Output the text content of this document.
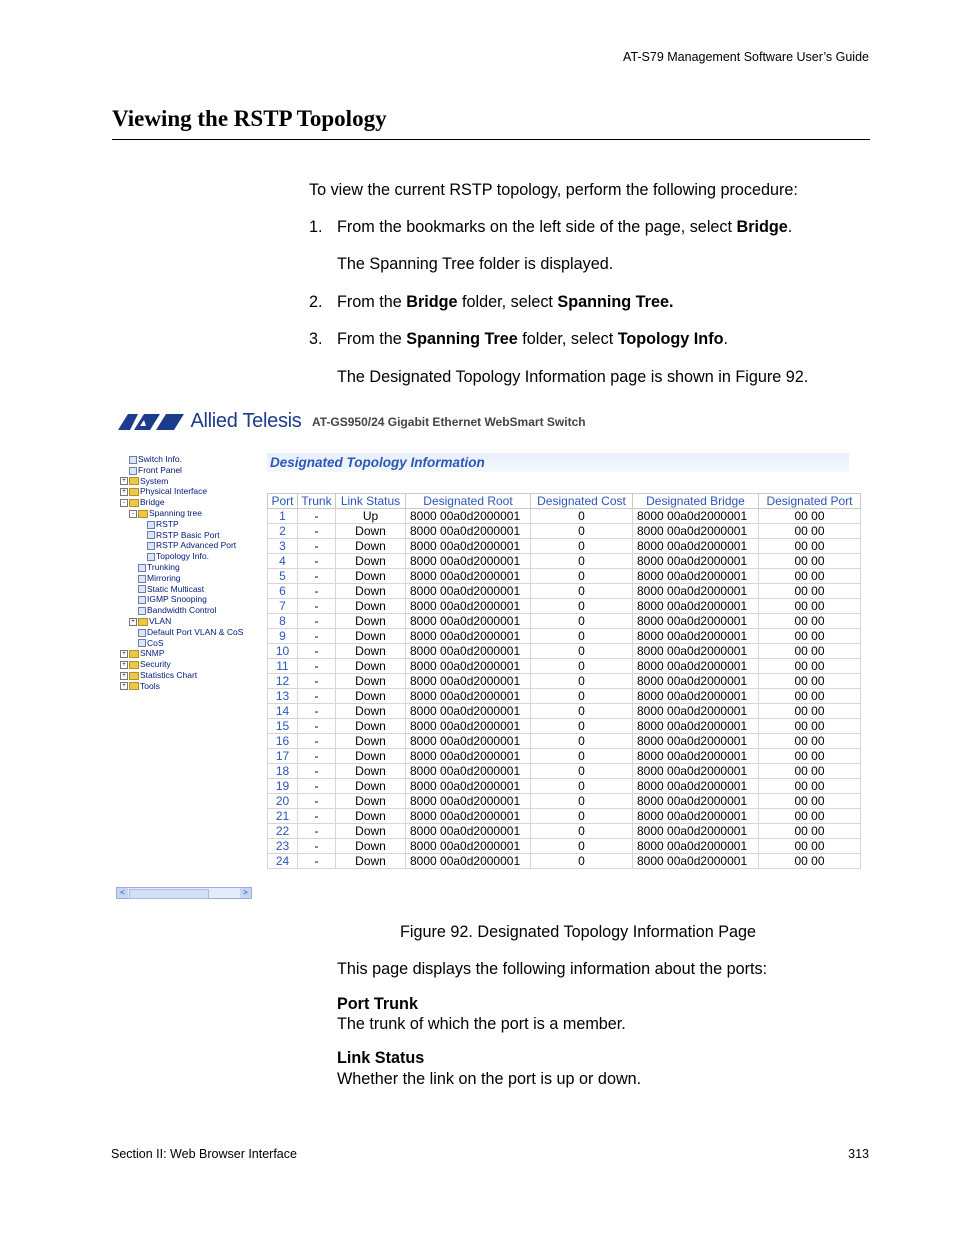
AT-S79 Management Software User’s Guide
Viewing the RSTP Topology
To view the current RSTP topology, perform the following procedure:
1. From the bookmarks on the left side of the page, select Bridge.
The Spanning Tree folder is displayed.
2. From the Bridge folder, select Spanning Tree.
3. From the Spanning Tree folder, select Topology Info.
The Designated Topology Information page is shown in Figure 92.
Allied Telesis AT-GS950/24 Gigabit Ethernet WebSmart Switch
Switch Info.
Front Panel
+ System
+ Physical Interface
- Bridge
- Spanning tree
RSTP
RSTP Basic Port
RSTP Advanced Port
Topology Info.
Trunking
Mirroring
Static Multicast
IGMP Snooping
Bandwidth Control
+ VLAN
Default Port VLAN & CoS
CoS
+ SNMP
+ Security
+ Statistics Chart
+ Tools
<	>
Designated Topology Information
Port	Trunk	Link Status	Designated Root	Designated Cost	Designated Bridge	Designated Port
1	-	Up	8000 00a0d2000001	0	8000 00a0d2000001	00 00
2	-	Down	8000 00a0d2000001	0	8000 00a0d2000001	00 00
3	-	Down	8000 00a0d2000001	0	8000 00a0d2000001	00 00
4	-	Down	8000 00a0d2000001	0	8000 00a0d2000001	00 00
5	-	Down	8000 00a0d2000001	0	8000 00a0d2000001	00 00
6	-	Down	8000 00a0d2000001	0	8000 00a0d2000001	00 00
7	-	Down	8000 00a0d2000001	0	8000 00a0d2000001	00 00
8	-	Down	8000 00a0d2000001	0	8000 00a0d2000001	00 00
9	-	Down	8000 00a0d2000001	0	8000 00a0d2000001	00 00
10	-	Down	8000 00a0d2000001	0	8000 00a0d2000001	00 00
11	-	Down	8000 00a0d2000001	0	8000 00a0d2000001	00 00
12	-	Down	8000 00a0d2000001	0	8000 00a0d2000001	00 00
13	-	Down	8000 00a0d2000001	0	8000 00a0d2000001	00 00
14	-	Down	8000 00a0d2000001	0	8000 00a0d2000001	00 00
15	-	Down	8000 00a0d2000001	0	8000 00a0d2000001	00 00
16	-	Down	8000 00a0d2000001	0	8000 00a0d2000001	00 00
17	-	Down	8000 00a0d2000001	0	8000 00a0d2000001	00 00
18	-	Down	8000 00a0d2000001	0	8000 00a0d2000001	00 00
19	-	Down	8000 00a0d2000001	0	8000 00a0d2000001	00 00
20	-	Down	8000 00a0d2000001	0	8000 00a0d2000001	00 00
21	-	Down	8000 00a0d2000001	0	8000 00a0d2000001	00 00
22	-	Down	8000 00a0d2000001	0	8000 00a0d2000001	00 00
23	-	Down	8000 00a0d2000001	0	8000 00a0d2000001	00 00
24	-	Down	8000 00a0d2000001	0	8000 00a0d2000001	00 00
Figure 92. Designated Topology Information Page
This page displays the following information about the ports:
Port Trunk
The trunk of which the port is a member.
Link Status
Whether the link on the port is up or down.
Section II: Web Browser Interface	313
